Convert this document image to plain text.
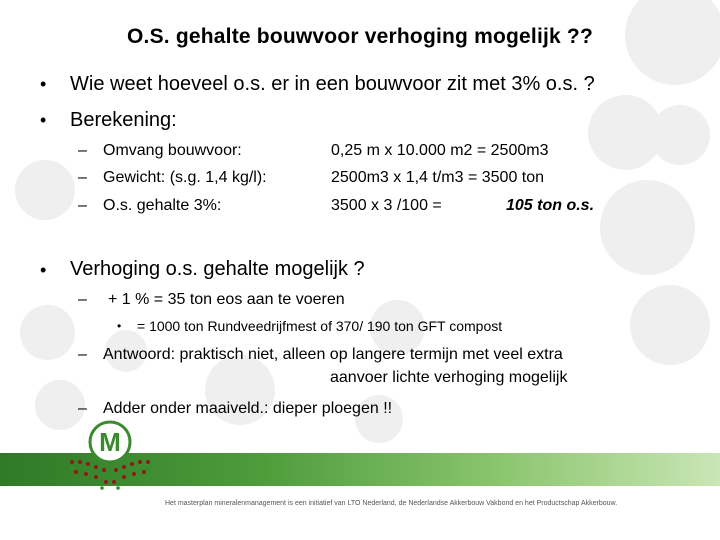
O.S. gehalte bouwvoor verhoging mogelijk ??
• Wie weet hoeveel o.s. er in een bouwvoor zit met 3% o.s. ?
• Berekening:
– Omvang bouwvoor:	0,25 m x 10.000 m2 = 2500m3
– Gewicht: (s.g. 1,4 kg/l):	2500m3 x 1,4 t/m3 = 3500 ton
– O.s. gehalte 3%:	3500 x 3 /100 =	105 ton o.s.
• Verhoging o.s. gehalte mogelijk ?
– + 1 % = 35 ton eos aan te voeren
• = 1000 ton Rundveedrijfmest of 370/ 190 ton GFT compost
– Antwoord: praktisch niet, alleen op langere termijn met veel extra
aanvoer lichte verhoging mogelijk
– Adder onder maaiveld.: dieper ploegen !!
M
Het masterplan mineralenmanagement is een initiatief van LTO Nederland, de Nederlandse Akkerbouw Vakbond en het Productschap Akkerbouw.
